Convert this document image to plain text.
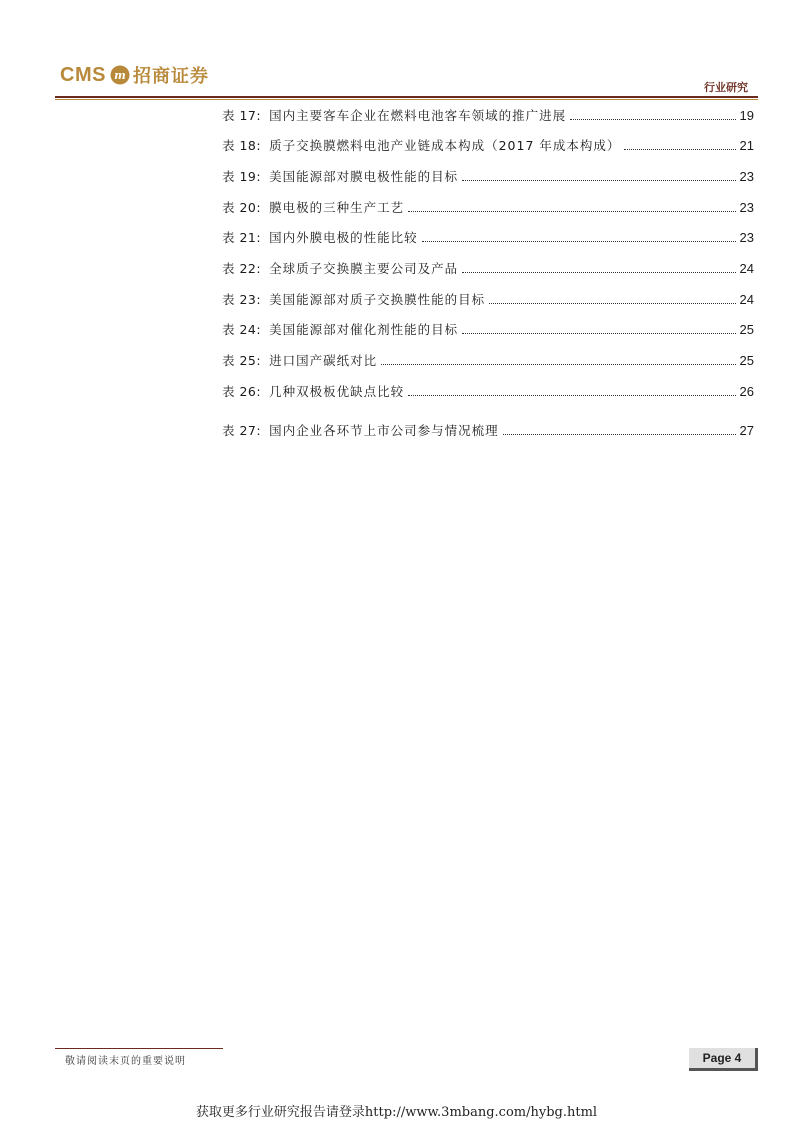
CMS m 招商证券
行业研究
表 17: 国内主要客车企业在燃料电池客车领域的推广进展	19
表 18: 质子交换膜燃料电池产业链成本构成（2017 年成本构成）	21
表 19: 美国能源部对膜电极性能的目标	23
表 20: 膜电极的三种生产工艺	23
表 21: 国内外膜电极的性能比较	23
表 22: 全球质子交换膜主要公司及产品	24
表 23: 美国能源部对质子交换膜性能的目标	24
表 24: 美国能源部对催化剂性能的目标	25
表 25: 进口国产碳纸对比	25
表 26: 几种双极板优缺点比较	26
表 27: 国内企业各环节上市公司参与情况梳理	27
敬请阅读末页的重要说明	Page 4
获取更多行业研究报告请登录http://www.3mbang.com/hybg.html
